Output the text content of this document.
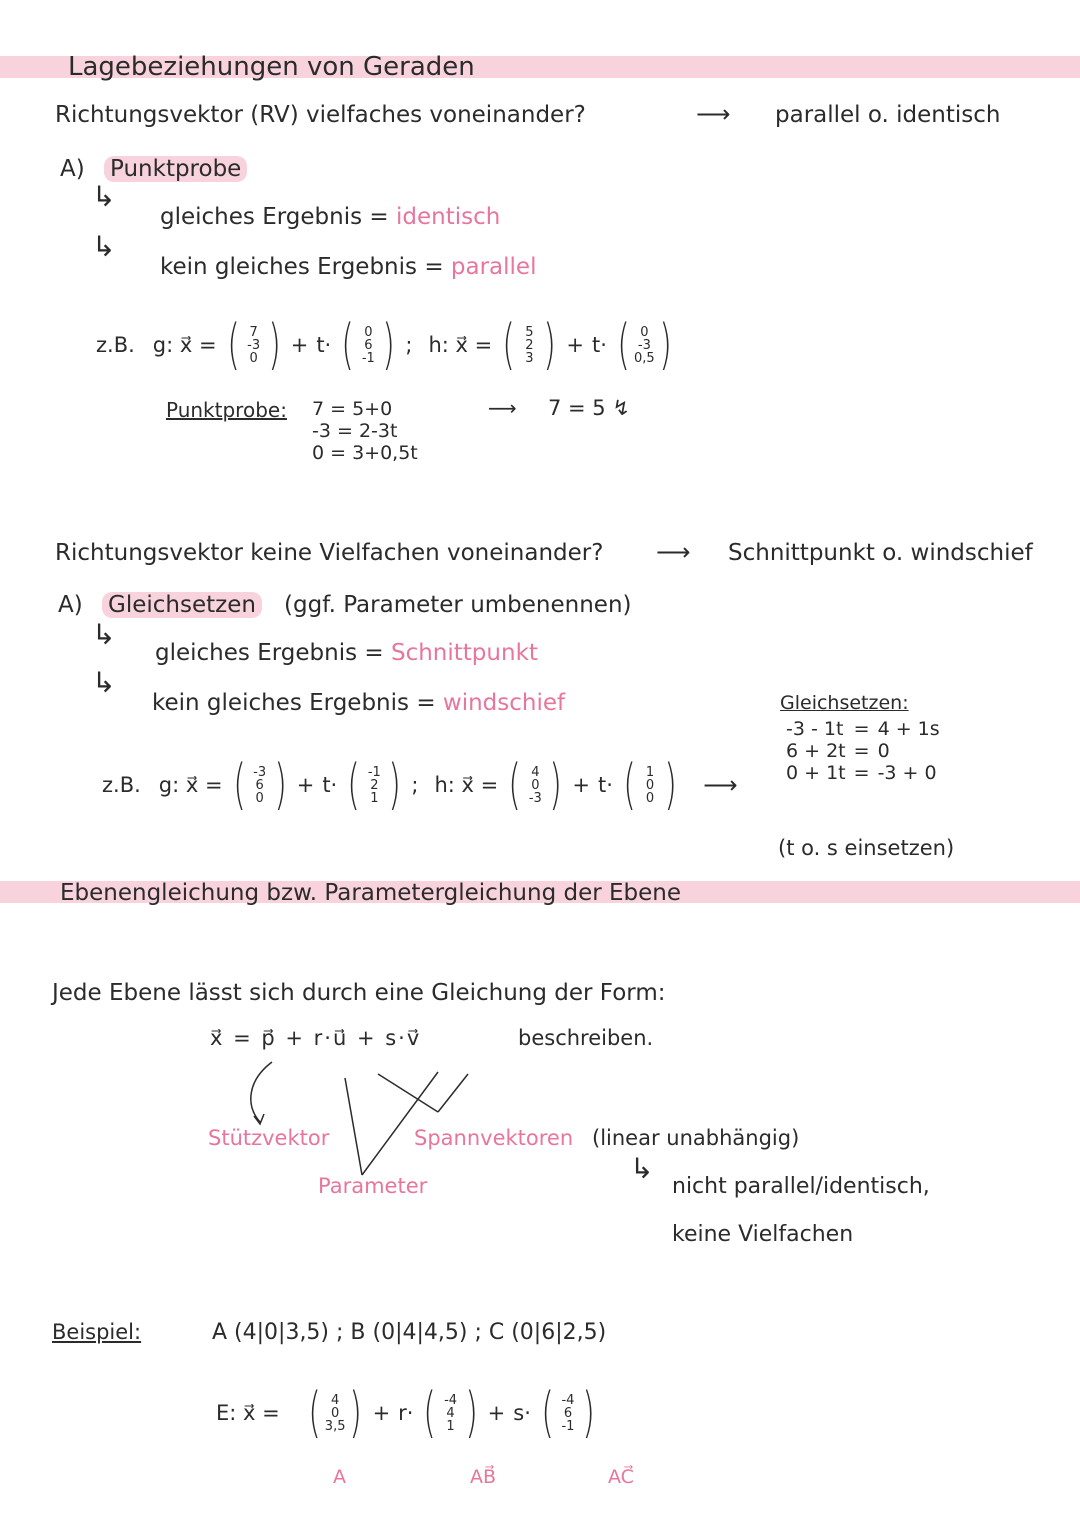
Lagebeziehungen von Geraden
Richtungsvektor (RV) vielfaches voneinander?	⟶ parallel o. identisch
A) Punktprobe
↳
gleiches Ergebnis = identisch
↳
kein gleiches Ergebnis = parallel
z.B. g: x⃗ = ( 7
-3
0 ) + t· ( 0
6
-1 ) ; h: x⃗ = ( 5
2
3 ) + t· ( 0
-3
0,5 )
Punktprobe: 7 = 5+0
-3 = 2-3t
0 = 3+0,5t
⟶ 7 = 5 ↯
Richtungsvektor keine Vielfachen voneinander? ⟶ Schnittpunkt o. windschief
A) Gleichsetzen (ggf. Parameter umbenennen)
↳
gleiches Ergebnis = Schnittpunkt
↳
kein gleiches Ergebnis = windschief
z.B. g: x⃗ = ( -3
6
0 ) + t· ( -1
2
1 ) ; h: x⃗ = ( 4
0
-3 ) + t· ( 1
0
0 ) ⟶
Gleichsetzen:
-3 - 1t	=	4 + 1s
6 + 2t	=	0
0 + 1t	=	-3 + 0
(t o. s einsetzen)
Ebenengleichung bzw. Parametergleichung der Ebene
Jede Ebene lässt sich durch eine Gleichung der Form:
x⃗ = p⃗ + r·u⃗ + s·v⃗	beschreiben.
Stützvektor	Spannvektoren (linear unabhängig)
Parameter
↳
nicht parallel/identisch,
keine Vielfachen
Beispiel:	A (4|0|3,5) ; B (0|4|4,5) ; C (0|6|2,5)
E: x⃗ = ( 4
0
3,5 ) + r· ( -4
4
1 ) + s· ( -4
6
-1 )
A	AB⃗	AC⃗
